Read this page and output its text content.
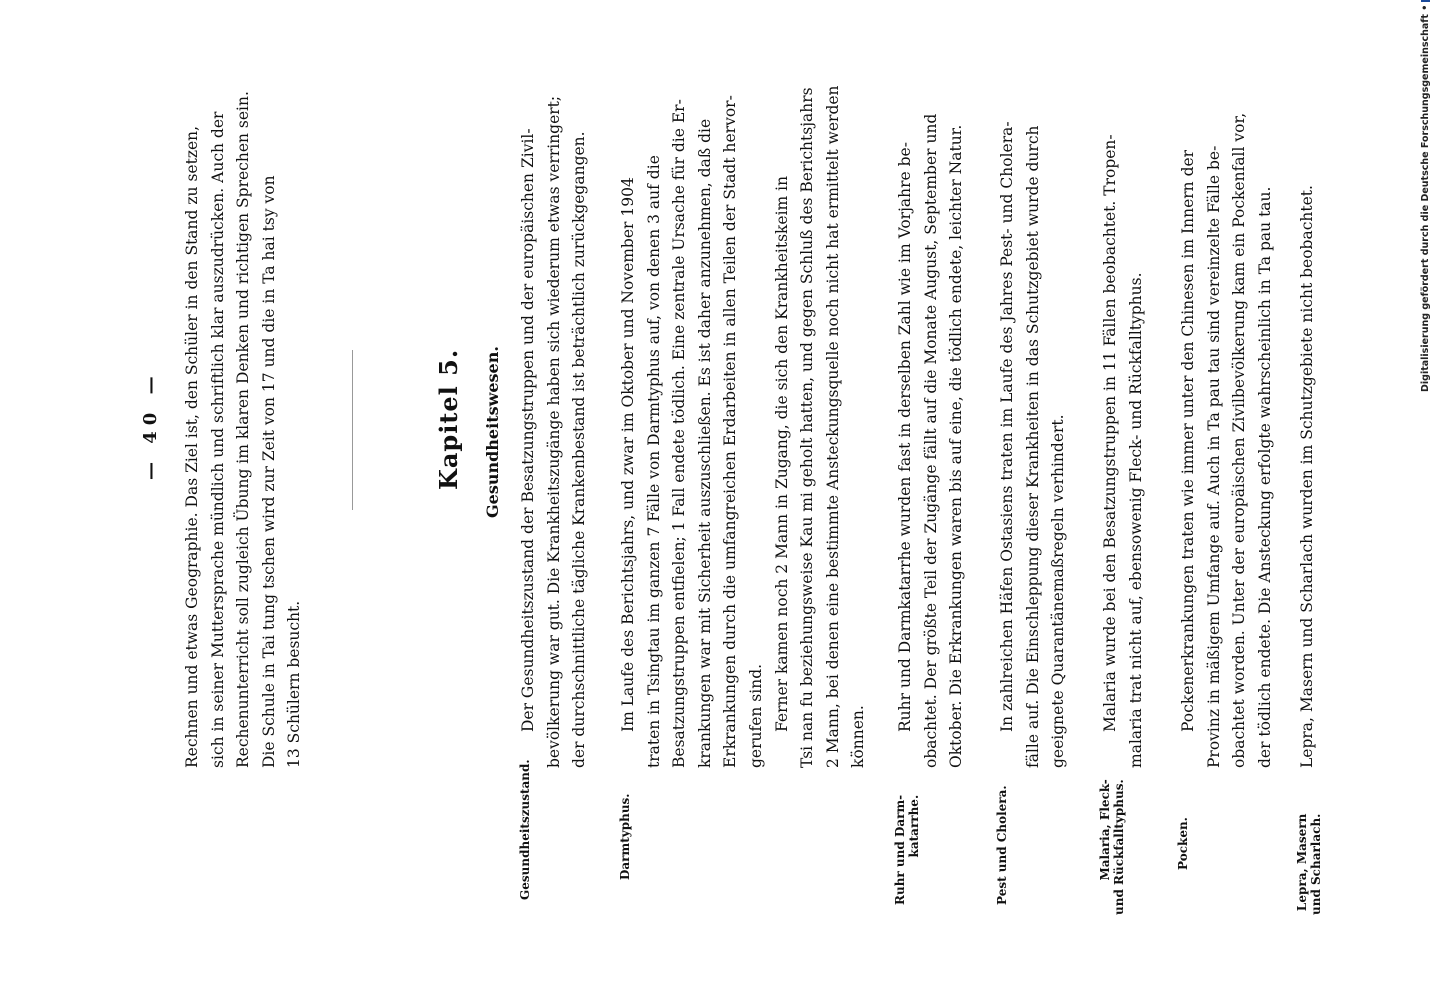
— 40 — Rechnen und etwas Geographie. Das Ziel ist, den Schüler in den Stand zu setzen, sich in seiner Muttersprache mündlich und schriftlich klar auszudrücken. Auch der Rechenunterricht soll zugleich Übung im klaren Denken und richtigen Sprechen sein. Die Schule in Tai tung tschen wird zur Zeit von 17 und die in Ta hai tsy von 13 Schülern besucht.
Kapitel 5. Gesundheitswesen.
Gesundheitszustand.
Der Gesundheitszustand der Besatzungstruppen und der europäischen Zivil- bevölkerung war gut. Die Krankheitszugänge haben sich wiederum etwas verringert; der durchschnittliche tägliche Krankenbestand ist beträchtlich zurückgegangen.
Darmtyphus.
Im Laufe des Berichtsjahrs, und zwar im Oktober und November 1904 traten in Tsingtau im ganzen 7 Fälle von Darmtyphus auf, von denen 3 auf die Besatzungstruppen entfielen; 1 Fall endete tödlich. Eine zentrale Ursache für die Er- krankungen war mit Sicherheit auszuschließen. Es ist daher anzunehmen, daß die Erkrankungen durch die umfangreichen Erdarbeiten in allen Teilen der Stadt hervor- gerufen sind. Ferner kamen noch 2 Mann in Zugang, die sich den Krankheitskeim in Tsi nan fu beziehungsweise Kau mi geholt hatten, und gegen Schluß des Berichtsjahrs 2 Mann, bei denen eine bestimmte Ansteckungsquelle noch nicht hat ermittelt werden können.
Ruhr und Darm- katarrhe.
Ruhr und Darmkatarrhe wurden fast in derselben Zahl wie im Vorjahre be- obachtet. Der größte Teil der Zugänge fällt auf die Monate August, September und Oktober. Die Erkrankungen waren bis auf eine, die tödlich endete, leichter Natur.
Pest und Cholera.
In zahlreichen Häfen Ostasiens traten im Laufe des Jahres Pest- und Cholera- fälle auf. Die Einschleppung dieser Krankheiten in das Schutzgebiet wurde durch geeignete Quarantänemaßregeln verhindert.
Malaria, Fleck- und Rückfalltyphus.
Malaria wurde bei den Besatzungstruppen in 11 Fällen beobachtet. Tropen- malaria trat nicht auf, ebensowenig Fleck- und Rückfalltyphus.
Pocken.
Pockenerkrankungen traten wie immer unter den Chinesen im Innern der Provinz in mäßigem Umfange auf. Auch in Ta pau tau sind vereinzelte Fälle be- obachtet worden. Unter der europäischen Zivilbevölkerung kam ein Pockenfall vor, der tödlich endete. Die Ansteckung erfolgte wahrscheinlich in Ta pau tau.
Lepra, Masern und Scharlach.
Lepra, Masern und Scharlach wurden im Schutzgebiete nicht beobachtet.	Digitalisierung gefördert durch die Deutsche Forschungsgemeinschaft •
